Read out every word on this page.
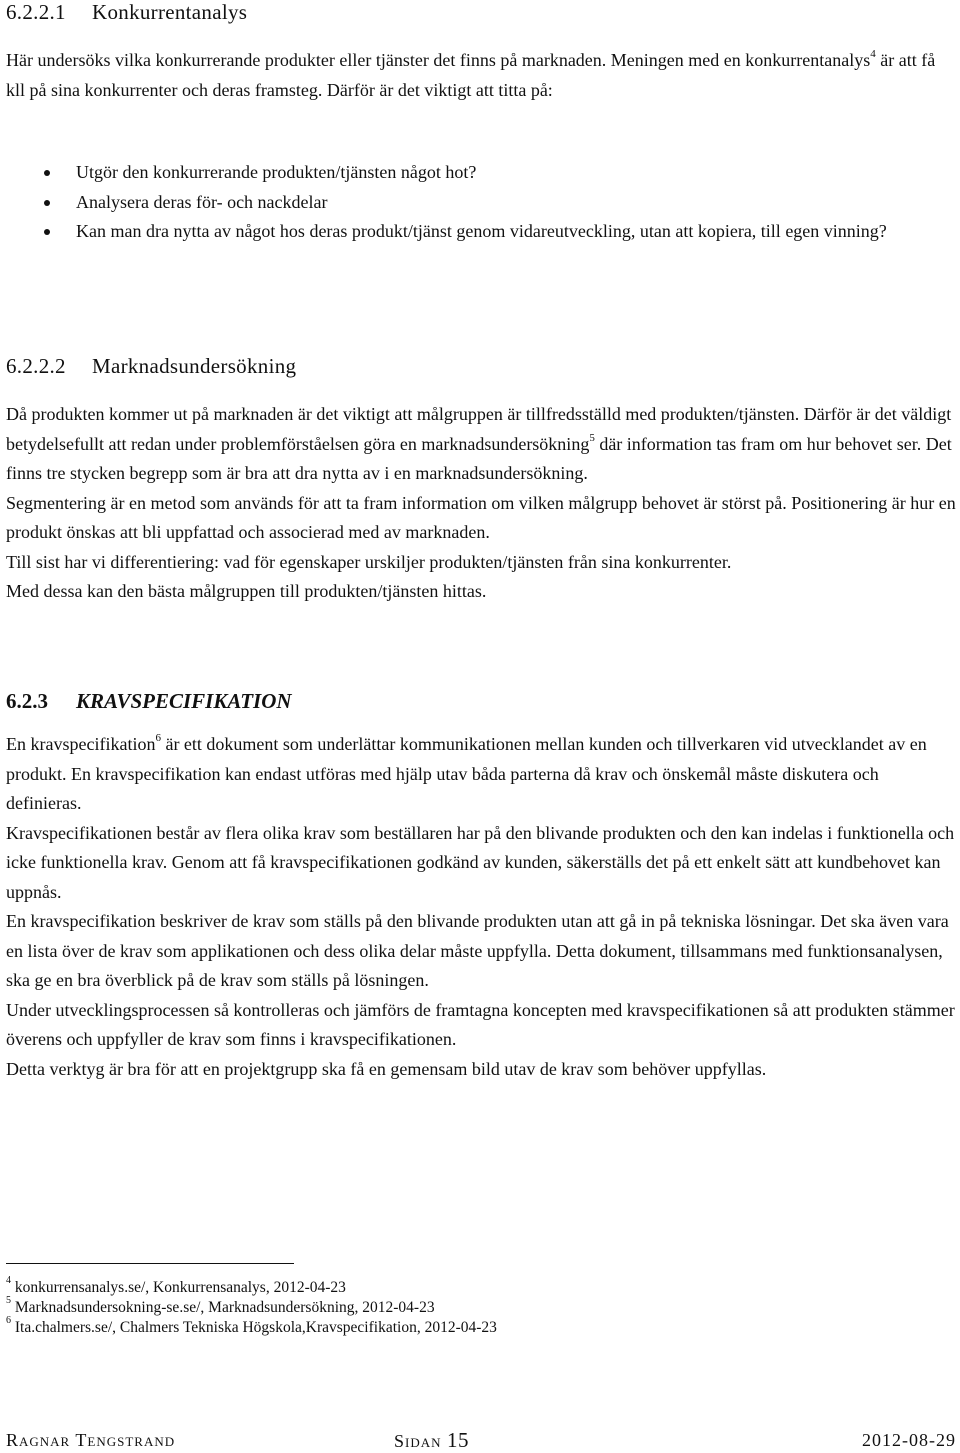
6.2.2.1 Konkurrentanalys

Här undersöks vilka konkurrerande produkter eller tjänster det finns på marknaden. Meningen med en konkurrentanalys$^4$ är att få kll på sina konkurrenter och deras framsteg. Därför är det viktigt att titta på:

Utgör den konkurrerande produkten/tjänsten något hot?
Analysera deras för- och nackdelar
Kan man dra nytta av något hos deras produkt/tjänst genom vidareutveckling, utan att kopiera, till egen vinning?
6.2.2.2 Marknadsundersökning

Då produkten kommer ut på marknaden är det viktigt att målgruppen är tillfredsställd med produkten/tjänsten. Därför är det väldigt betydelsefullt att redan under problemförståelsen göra en marknadsundersökning$^5$ där information tas fram om hur behovet ser. Det finns tre stycken begrepp som är bra att dra nytta av i en marknadsundersökning.

Segmentering är en metod som används för att ta fram information om vilken målgrupp behovet är störst på. Positionering är hur en produkt önskas att bli uppfattad och associerad med av marknaden.

Till sist har vi differentiering: vad för egenskaper urskiljer produkten/tjänsten från sina konkurrenter.

Med dessa kan den bästa målgruppen till produkten/tjänsten hittas.

6.2.3 KRAVSPECIFIKATION

En kravspecifikation$^6$ är ett dokument som underlättar kommunikationen mellan kunden och tillverkaren vid utvecklandet av en produkt. En kravspecifikation kan endast utföras med hjälp utav båda parterna då krav och önskemål måste diskutera och definieras.

Kravspecifikationen består av flera olika krav som beställaren har på den blivande produkten och den kan indelas i funktionella och icke funktionella krav. Genom att få kravspecifikationen godkänd av kunden, säkerställs det på ett enkelt sätt att kundbehovet kan uppnås.

En kravspecifikation beskriver de krav som ställs på den blivande produkten utan att gå in på tekniska lösningar. Det ska även vara en lista över de krav som applikationen och dess olika delar måste uppfylla. Detta dokument, tillsammans med funktionsanalysen, ska ge en bra överblick på de krav som ställs på lösningen.

Under utvecklingsprocessen så kontrolleras och jämförs de framtagna koncepten med kravspecifikationen så att produkten stämmer överens och uppfyller de krav som finns i kravspecifikationen.

Detta verktyg är bra för att en projektgrupp ska få en gemensam bild utav de krav som behöver uppfyllas.

$^4$ konkurrensanalys.se/, Konkurrensanalys, 2012-04-23
$^5$ Marknadsundersokning-se.se/, Marknadsundersökning, 2012-04-23
$^6$ Ita.chalmers.se/, Chalmers Tekniska Högskola,Kravspecifikation, 2012-04-23
Ragnar Tengstrand	Sidan 15	2012-08-29
